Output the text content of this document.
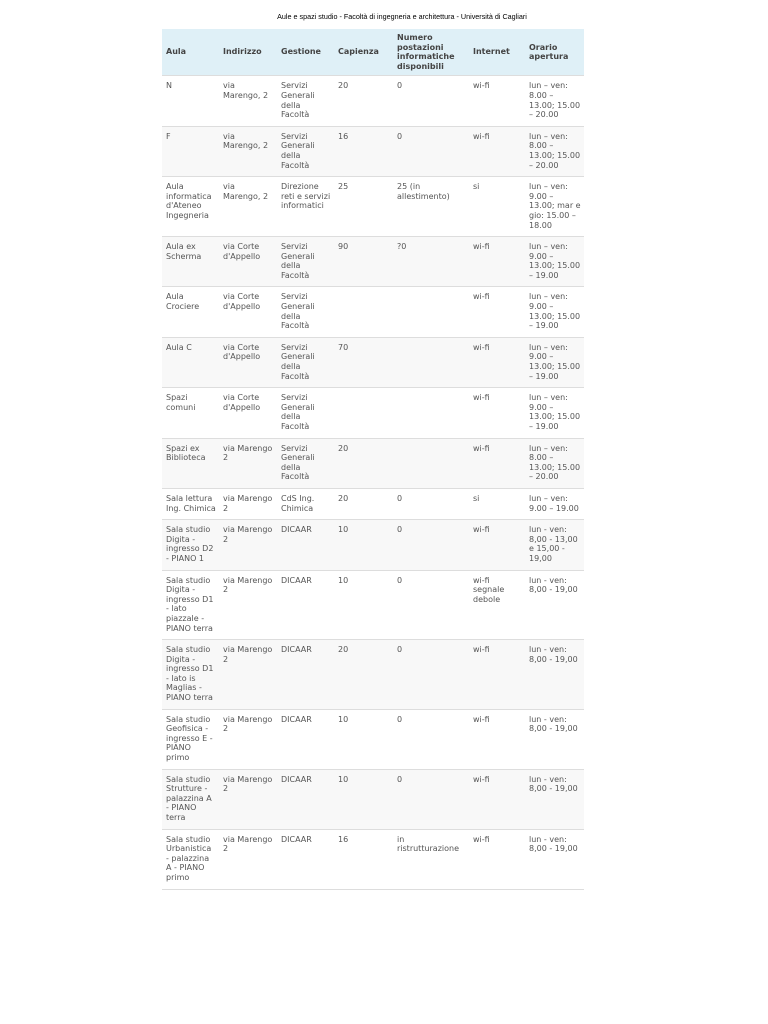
Aule e spazi studio - Facoltà di ingegneria e architettura - Università di Cagliari
Aula	Indirizzo	Gestione	Capienza	Numero postazioni informatiche disponibili	Internet	Orario apertura
N	via Marengo, 2	Servizi Generali della Facoltà	20	0	wi-fi	lun – ven: 8.00 – 13.00; 15.00 – 20.00
F	via Marengo, 2	Servizi Generali della Facoltà	16	0	wi-fi	lun – ven: 8.00 – 13.00; 15.00 – 20.00
Aula informatica d'Ateneo Ingegneria	via Marengo, 2	Direzione reti e servizi informatici	25	25 (in allestimento)	si	lun – ven: 9.00 – 13.00; mar e gio: 15.00 – 18.00
Aula ex Scherma	via Corte d'Appello	Servizi Generali della Facoltà	90	?0	wi-fi	lun – ven: 9.00 – 13.00; 15.00 – 19.00
Aula Crociere	via Corte d'Appello	Servizi Generali della Facoltà			wi-fi	lun – ven: 9.00 – 13.00; 15.00 – 19.00
Aula C	via Corte d'Appello	Servizi Generali della Facoltà	70		wi-fi	lun – ven: 9.00 – 13.00; 15.00 – 19.00
Spazi comuni	via Corte d'Appello	Servizi Generali della Facoltà			wi-fi	lun – ven: 9.00 – 13.00; 15.00 – 19.00
Spazi ex Biblioteca	via Marengo 2	Servizi Generali della Facoltà	20		wi-fi	lun – ven: 8.00 – 13.00; 15.00 – 20.00
Sala lettura Ing. Chimica	via Marengo 2	CdS Ing. Chimica	20	0	si	lun – ven: 9.00 – 19.00
Sala studio Digita - ingresso D2 - PIANO 1	via Marengo 2	DICAAR	10	0	wi-fi	lun - ven: 8,00 - 13,00 e 15,00 - 19,00
Sala studio Digita - ingresso D1 - lato piazzale - PIANO terra	via Marengo 2	DICAAR	10	0	wi-fi segnale debole	lun - ven: 8,00 - 19,00
Sala studio Digita - ingresso D1 - lato is Maglias - PIANO terra	via Marengo 2	DICAAR	20	0	wi-fi	lun - ven: 8,00 - 19,00
Sala studio Geofisica - ingresso E - PIANO primo	via Marengo 2	DICAAR	10	0	wi-fi	lun - ven: 8,00 - 19,00
Sala studio Strutture - palazzina A - PIANO terra	via Marengo 2	DICAAR	10	0	wi-fi	lun - ven: 8,00 - 19,00
Sala studio Urbanistica - palazzina A - PIANO primo	via Marengo 2	DICAAR	16	in ristrutturazione	wi-fi	lun - ven: 8,00 - 19,00
